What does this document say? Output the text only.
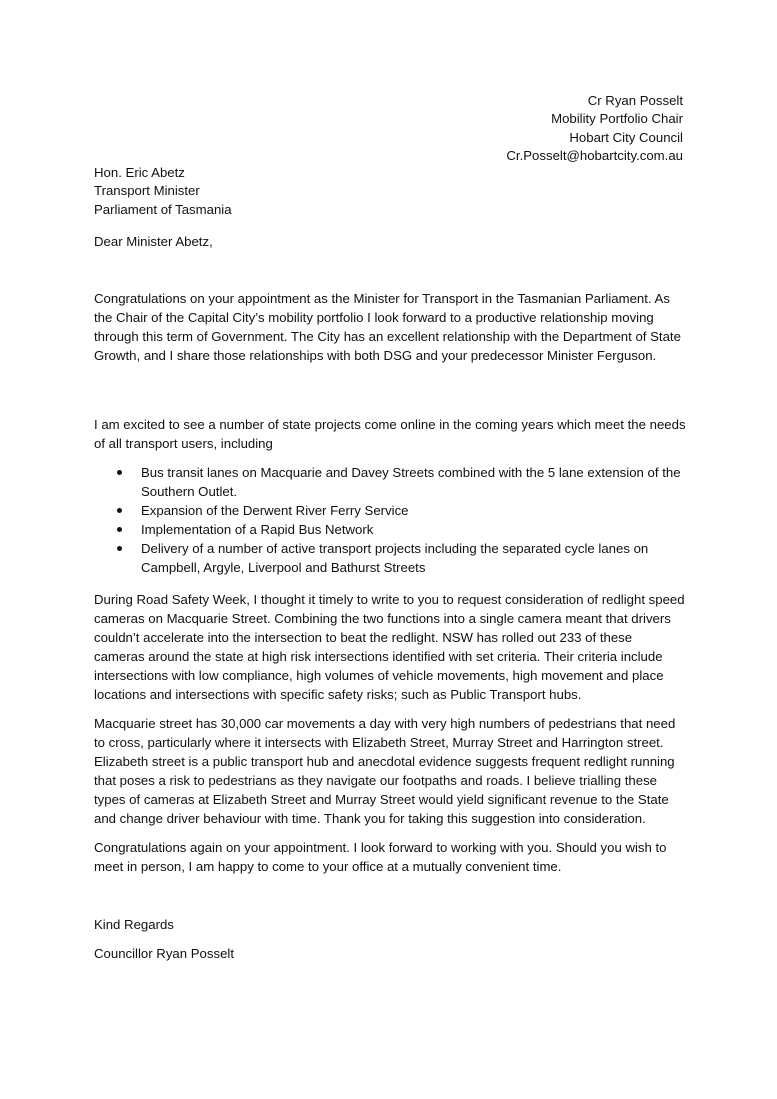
Cr Ryan Posselt
Mobility Portfolio Chair
Hobart City Council
Cr.Posselt@hobartcity.com.au
Hon. Eric Abetz
Transport Minister
Parliament of Tasmania
Dear Minister Abetz,

Congratulations on your appointment as the Minister for Transport in the Tasmanian Parliament. As the Chair of the Capital City’s mobility portfolio I look forward to a productive relationship moving through this term of Government. The City has an excellent relationship with the Department of State Growth, and I share those relationships with both DSG and your predecessor Minister Ferguson.

I am excited to see a number of state projects come online in the coming years which meet the needs of all transport users, including

Bus transit lanes on Macquarie and Davey Streets combined with the 5 lane extension of the Southern Outlet.
Expansion of the Derwent River Ferry Service
Implementation of a Rapid Bus Network
Delivery of a number of active transport projects including the separated cycle lanes on Campbell, Argyle, Liverpool and Bathurst Streets

During Road Safety Week, I thought it timely to write to you to request consideration of redlight speed cameras on Macquarie Street. Combining the two functions into a single camera meant that drivers couldn’t accelerate into the intersection to beat the redlight. NSW has rolled out 233 of these cameras around the state at high risk intersections identified with set criteria. Their criteria include intersections with low compliance, high volumes of vehicle movements, high movement and place locations and intersections with specific safety risks; such as Public Transport hubs.

Macquarie street has 30,000 car movements a day with very high numbers of pedestrians that need to cross, particularly where it intersects with Elizabeth Street, Murray Street and Harrington street. Elizabeth street is a public transport hub and anecdotal evidence suggests frequent redlight running that poses a risk to pedestrians as they navigate our footpaths and roads. I believe trialling these types of cameras at Elizabeth Street and Murray Street would yield significant revenue to the State and change driver behaviour with time. Thank you for taking this suggestion into consideration.

Congratulations again on your appointment. I look forward to working with you. Should you wish to meet in person, I am happy to come to your office at a mutually convenient time.

Kind Regards
Councillor Ryan Posselt
